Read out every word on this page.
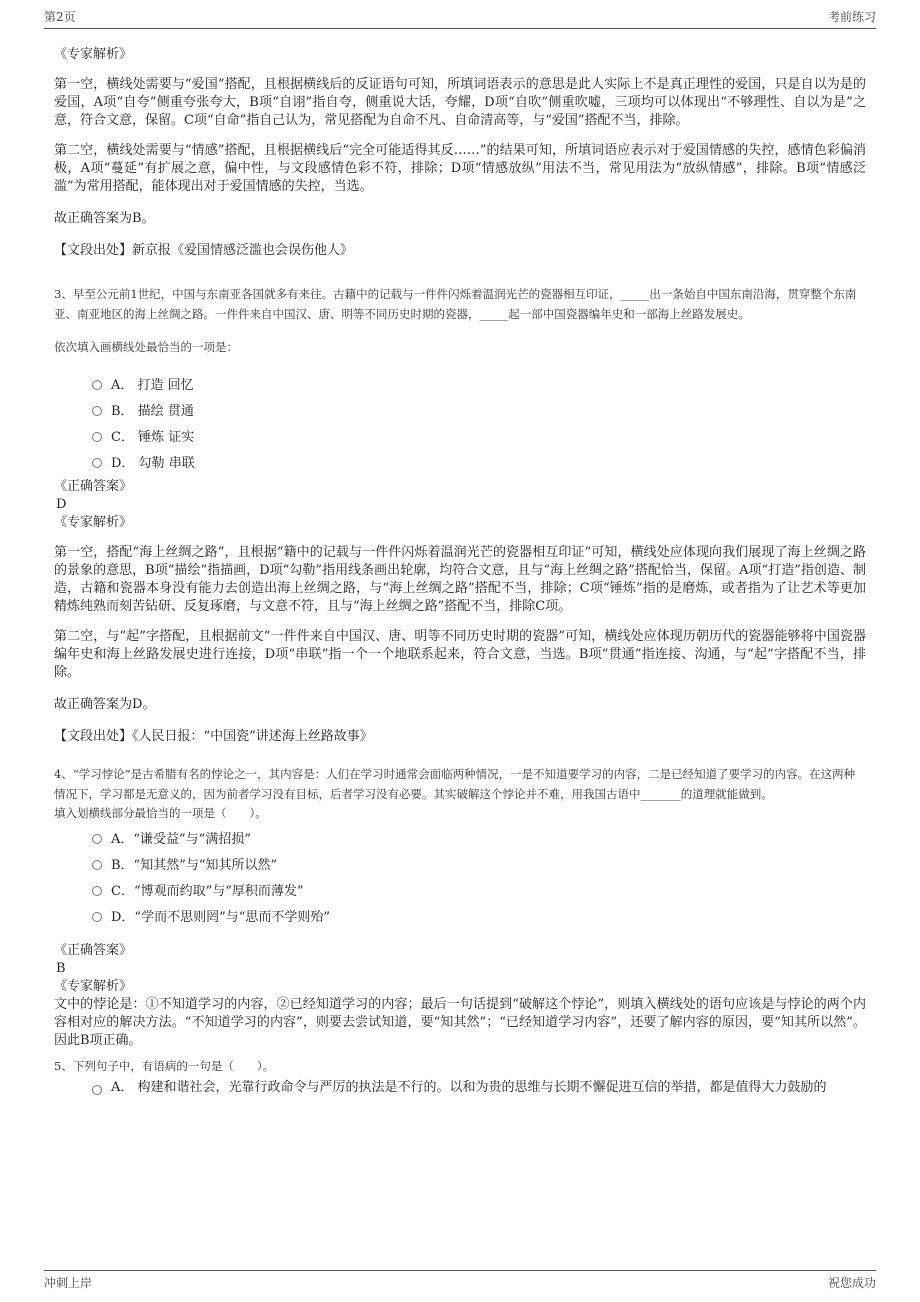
第2页	考前练习

《专家解析》

第一空，横线处需要与“爱国”搭配，且根据横线后的反证语句可知，所填词语表示的意思是此人实际上不是真正理性的爱国，只是自以为是的爱国，A项“自夸”侧重夸张夸大，B项“自诩”指自夸，侧重说大话，夸耀，D项“自吹”侧重吹嘘，三项均可以体现出“不够理性、自以为是”之意，符合文意，保留。C项“自命”指自己认为，常见搭配为自命不凡、自命清高等，与“爱国”搭配不当，排除。

第二空，横线处需要与“情感”搭配，且根据横线后“完全可能适得其反……”的结果可知，所填词语应表示对于爱国情感的失控，感情色彩偏消极，A项“蔓延”有扩展之意，偏中性，与文段感情色彩不符，排除；D项“情感放纵”用法不当，常见用法为“放纵情感”，排除。B项“情感泛滥”为常用搭配，能体现出对于爱国情感的失控，当选。

故正确答案为B。

【文段出处】新京报《爱国情感泛滥也会误伤他人》

3、早至公元前1世纪，中国与东南亚各国就多有来往。古籍中的记载与一件件闪烁着温润光芒的瓷器相互印证，_____出一条始自中国东南沿海，贯穿整个东南亚、南亚地区的海上丝绸之路。一件件来自中国汉、唐、明等不同历史时期的瓷器，_____起一部中国瓷器编年史和一部海上丝路发展史。

依次填入画横线处最恰当的一项是：

A． 打造 回忆
B． 描绘 贯通
C． 锤炼 证实
D． 勾勒 串联

《正确答案》

D

《专家解析》

第一空，搭配“海上丝绸之路”，且根据“籍中的记载与一件件闪烁着温润光芒的瓷器相互印证”可知，横线处应体现向我们展现了海上丝绸之路的景象的意思，B项“描绘”指描画，D项“勾勒”指用线条画出轮廓，均符合文意，且与“海上丝绸之路”搭配恰当，保留。A项“打造”指创造、制造，古籍和瓷器本身没有能力去创造出海上丝绸之路，与“海上丝绸之路”搭配不当，排除；C项“锤炼”指的是磨炼，或者指为了让艺术等更加精炼纯熟而刻苦钻研、反复琢磨，与文意不符，且与“海上丝绸之路”搭配不当，排除C项。

第二空，与“起”字搭配，且根据前文“一件件来自中国汉、唐、明等不同历史时期的瓷器”可知，横线处应体现历朝历代的瓷器能够将中国瓷器编年史和海上丝路发展史进行连接，D项“串联”指一个一个地联系起来，符合文意，当选。B项“贯通”指连接、沟通，与“起”字搭配不当，排除。

故正确答案为D。

【文段出处】《人民日报：“中国瓷”讲述海上丝路故事》

4、“学习悖论”是古希腊有名的悖论之一，其内容是：人们在学习时通常会面临两种情况，一是不知道要学习的内容，二是已经知道了要学习的内容。在这两种情况下，学习都是无意义的，因为前者学习没有目标，后者学习没有必要。其实破解这个悖论并不难，用我国古语中_______的道理就能做到。

填入划横线部分最恰当的一项是（　　）。

A．“谦受益”与“满招损”
B．“知其然”与“知其所以然”
C．“博观而约取”与“厚积而薄发”
D．“学而不思则罔”与“思而不学则殆”

《正确答案》

B

《专家解析》

文中的悖论是：①不知道学习的内容，②已经知道学习的内容；最后一句话提到“破解这个悖论”，则填入横线处的语句应该是与悖论的两个内容相对应的解决方法。“不知道学习的内容”，则要去尝试知道，要“知其然”；“已经知道学习内容”，还要了解内容的原因，要“知其所以然”。因此B项正确。

5、下列句子中，有语病的一句是（　　）。

A． 构建和谐社会，光靠行政命令与严厉的执法是不行的。以和为贵的思维与长期不懈促进互信的举措，都是值得大力鼓励的
冲刺上岸	祝您成功
